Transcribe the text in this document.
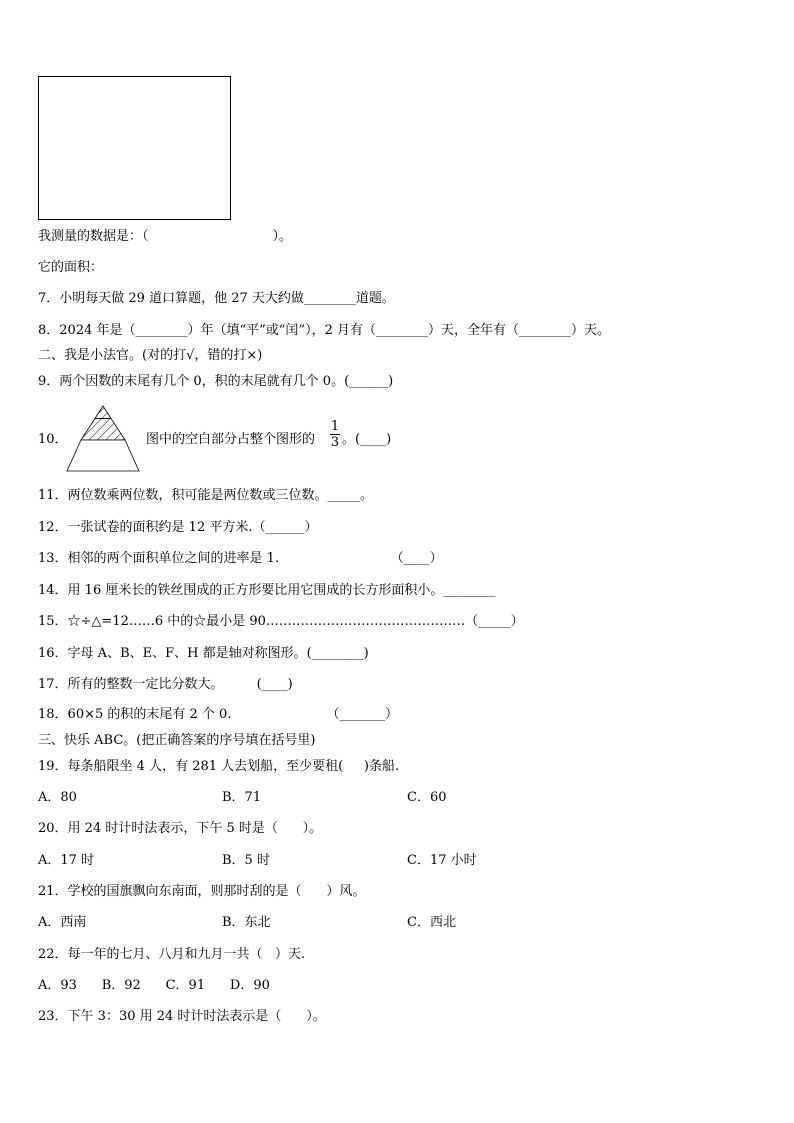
我测量的数据是：（                              ）。
它的面积：
7．小明每天做 29 道口算题，他 27 天大约做________道题。
8．2024 年是（________）年（填“平”或“闰”），2 月有（________）天，全年有（________）天。
二、我是小法官。(对的打√，错的打×)
9．两个因数的末尾有几个 0，积的末尾就有几个 0。(______)
10．	图中的空白部分占整个图形的
1
3 。(____)
11．两位数乘两位数，积可能是两位数或三位数。_____。
12．一张试卷的面积约是 12 平方米.（______）
13．相邻的两个面积单位之间的进率是 1.                           （____）
14．用 16 厘米长的铁丝围成的正方形要比用它围成的长方形面积小。________
15．☆÷△=12……6 中的☆最小是 90.………………………………………（_____）
16．字母 A、B、E、F、H 都是轴对称图形。(________)
17．所有的整数一定比分数大。        (____)
18．60×5 的积的末尾有 2 个 0.                       （_______）
三、快乐 ABC。(把正确答案的序号填在括号里)
19．每条船限坐 4 人，有 281 人去划船，至少要租(     )条船.
A．80	B．71	C．60
20．用 24 时计时法表示，下午 5 时是（      ）。
A．17 时	B．5 时	C．17 小时
21．学校的国旗飘向东南面，则那时刮的是（      ）风。
A．西南	B．东北	C．西北
22．每一年的七月、八月和九月一共（   ）天.
A．93      B．92      C．91      D．90
23．下午 3：30 用 24 时计时法表示是（      ）。
